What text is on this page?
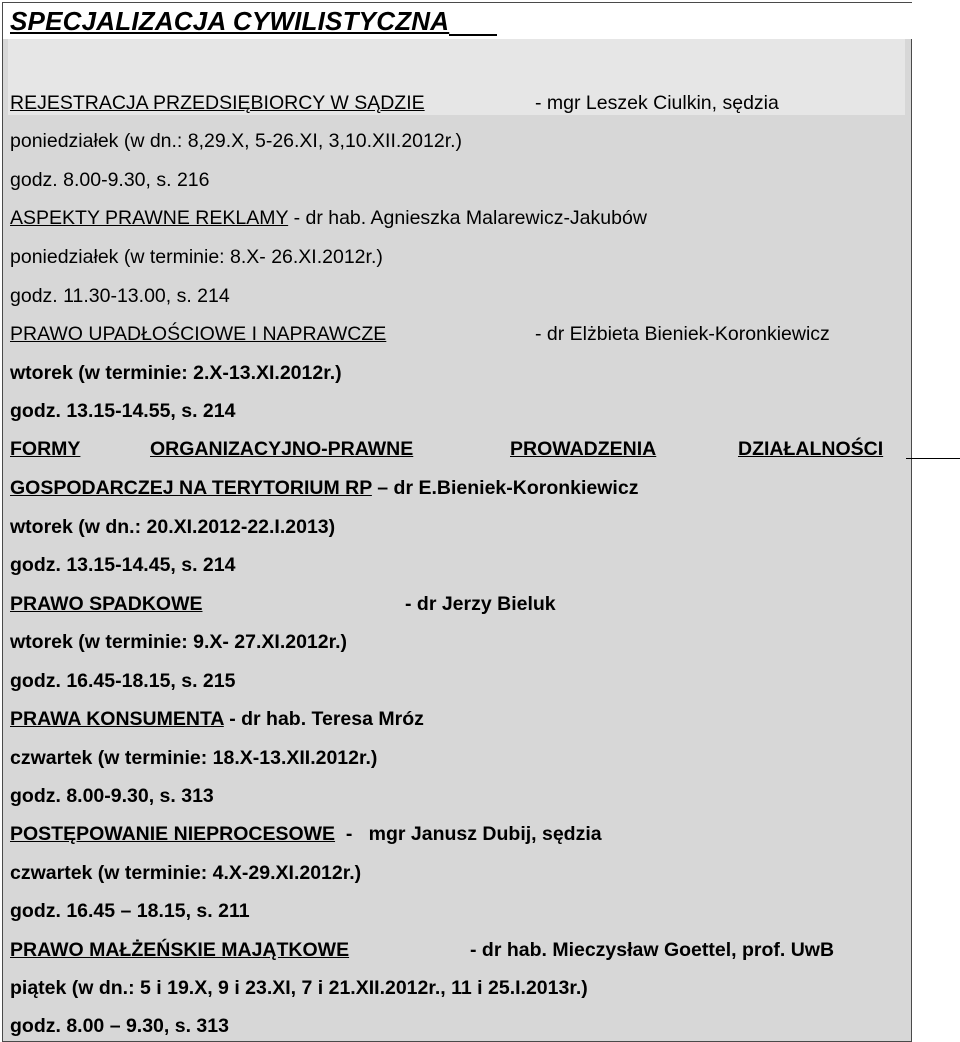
SPECJALIZACJA CYWILISTYCZNA
REJESTRACJA PRZEDSIĘBIORCY W SĄDZIE	- mgr Leszek Ciulkin, sędzia
poniedziałek (w dn.: 8,29.X, 5-26.XI, 3,10.XII.2012r.)
godz. 8.00-9.30, s. 216
ASPEKTY PRAWNE REKLAMY - dr hab. Agnieszka Malarewicz-Jakubów
poniedziałek (w terminie: 8.X- 26.XI.2012r.)
godz. 11.30-13.00, s. 214
PRAWO UPADŁOŚCIOWE I NAPRAWCZE	- dr Elżbieta Bieniek-Koronkiewicz
wtorek (w terminie: 2.X-13.XI.2012r.)
godz. 13.15-14.55, s. 214
FORMY	ORGANIZACYJNO-PRAWNE	PROWADZENIA	DZIAŁALNOŚCI
GOSPODARCZEJ NA TERYTORIUM RP – dr E.Bieniek-Koronkiewicz
wtorek (w dn.: 20.XI.2012-22.I.2013)
godz. 13.15-14.45, s. 214
PRAWO SPADKOWE	- dr Jerzy Bieluk
wtorek (w terminie: 9.X- 27.XI.2012r.)
godz. 16.45-18.15, s. 215
PRAWA KONSUMENTA - dr hab. Teresa Mróz
czwartek (w terminie: 18.X-13.XII.2012r.)
godz. 8.00-9.30, s. 313
POSTĘPOWANIE NIEPROCESOWE  -   mgr Janusz Dubij, sędzia
czwartek (w terminie: 4.X-29.XI.2012r.)
godz. 16.45 – 18.15, s. 211
PRAWO MAŁŻEŃSKIE MAJĄTKOWE	- dr hab. Mieczysław Goettel, prof. UwB
piątek (w dn.: 5 i 19.X, 9 i 23.XI, 7 i 21.XII.2012r., 11 i 25.I.2013r.)
godz. 8.00 – 9.30, s. 313
